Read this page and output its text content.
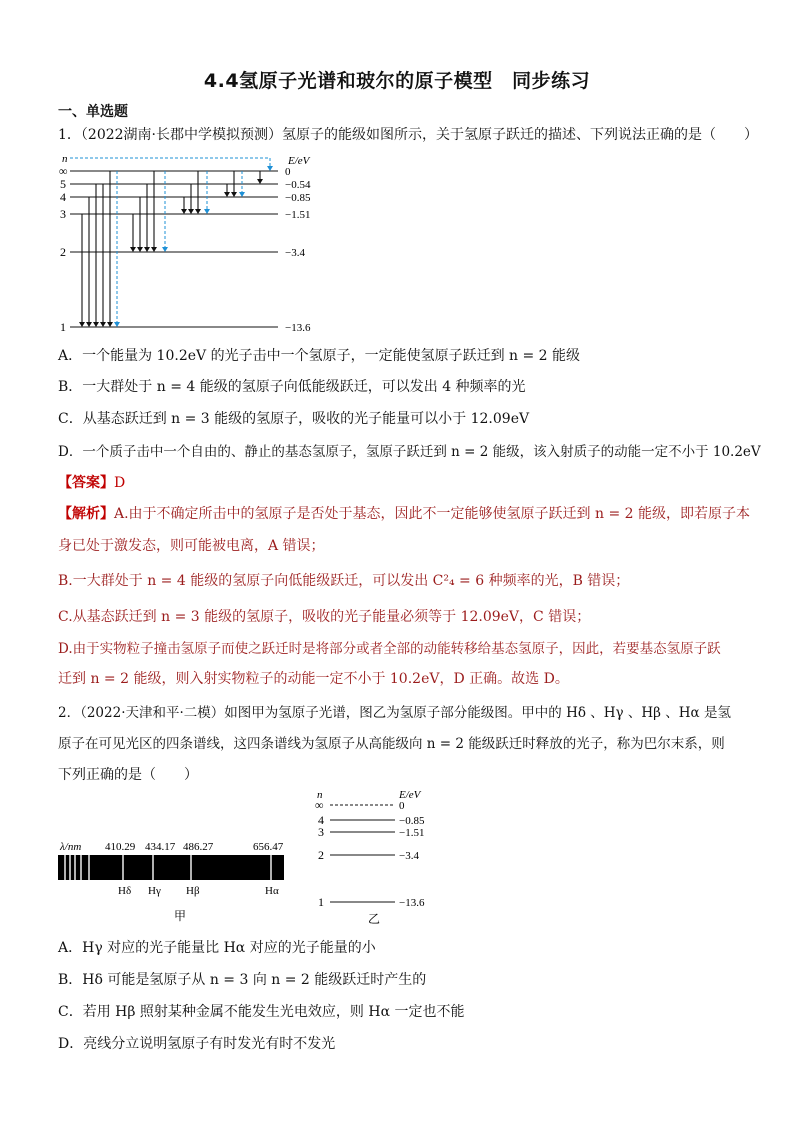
4.4氢原子光谱和玻尔的原子模型　同步练习
一、单选题
1．（2022湖南·长郡中学模拟预测）氢原子的能级如图所示，关于氢原子跃迁的描述、下列说法正确的是（　　）
n	E/eV
∞
5
4
3
2
1
0
−0.54
−0.85
−1.51
−3.4
−13.6
A．一个能量为 10.2eV 的光子击中一个氢原子，一定能使氢原子跃迁到 n = 2 能级
B．一大群处于 n = 4 能级的氢原子向低能级跃迁，可以发出 4 种频率的光
C．从基态跃迁到 n = 3 能级的氢原子，吸收的光子能量可以小于 12.09eV
D．一个质子击中一个自由的、静止的基态氢原子，氢原子跃迁到 n = 2 能级，该入射质子的动能一定不小于 10.2eV
【答案】D
【解析】A.由于不确定所击中的氢原子是否处于基态，因此不一定能够使氢原子跃迁到 n = 2 能级，即若原子本
身已处于激发态，则可能被电离，A 错误；
B.一大群处于 n = 4 能级的氢原子向低能级跃迁，可以发出 C²₄ = 6 种频率的光，B 错误；
C.从基态跃迁到 n = 3 能级的氢原子，吸收的光子能量必须等于 12.09eV，C 错误；
D.由于实物粒子撞击氢原子而使之跃迁时是将部分或者全部的动能转移给基态氢原子，因此，若要基态氢原子跃
迁到 n = 2 能级，则入射实物粒子的动能一定不小于 10.2eV，D 正确。故选 D。
2．（2022·天津和平·二模）如图甲为氢原子光谱，图乙为氢原子部分能级图。甲中的 Hδ 、Hγ 、Hβ 、Hα 是氢
原子在可见光区的四条谱线，这四条谱线为氢原子从高能级向 n = 2 能级跃迁时释放的光子，称为巴尔末系，则
下列正确的是（　　）
λ/nm 410.29 434.17 486.27	656.47
Hδ Hγ Hβ	Hα
甲
n	E/eV
∞
4
3
2
1
0
−0.85
−1.51
−3.4
−13.6
乙
A．Hγ 对应的光子能量比 Hα 对应的光子能量的小
B．Hδ 可能是氢原子从 n = 3 向 n = 2 能级跃迁时产生的
C．若用 Hβ 照射某种金属不能发生光电效应，则 Hα 一定也不能
D．亮线分立说明氢原子有时发光有时不发光
